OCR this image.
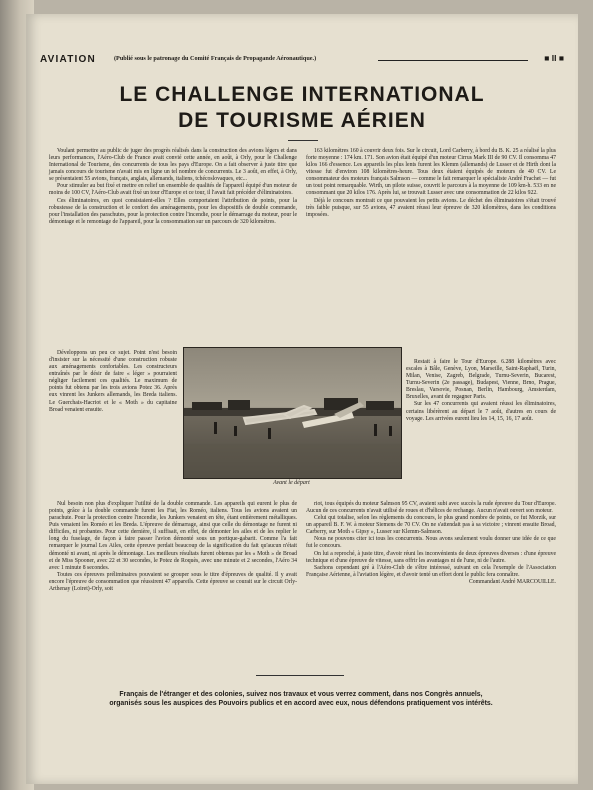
AVIATION	(Publié sous le patronage du Comité Français de Propagande Aéronautique.)	■ II ■
LE CHALLENGE INTERNATIONAL
DE TOURISME AÉRIEN

Voulant permettre au public de juger des progrès réalisés dans la construction des avions légers et dans leurs performances, l'Aéro-Club de France avait convié cette année, en août, à Orly, pour le Challenge International de Tourisme, des concurrents de tous les pays d'Europe. On a fait observer à juste titre que jamais concours de tourisme n'avait mis en ligne un tel nombre de concurrents. Le 3 août, en effet, à Orly, se présentaient 55 avions, français, anglais, allemands, italiens, tchécoslovaques, etc...

Pour stimuler au but fixé et mettre en relief un ensemble de qualités de l'appareil équipé d'un moteur de moins de 100 CV, l'Aéro-Club avait fixé un tour d'Europe et ce tour, il l'avait fait précéder d'éliminatoires.

Ces éliminatoires, en quoi consistaient-elles ? Elles comportaient l'attribution de points, pour la robustesse de la construction et le confort des aménagements, pour les dispositifs de double commande, pour l'installation des parachutes, pour la protection contre l'incendie, pour le démarrage du moteur, pour le démontage et le remontage de l'appareil, pour la consommation sur un parcours de 320 kilomètres.

Développons un peu ce sujet. Point n'est besoin d'insister sur la nécessité d'une construction robuste aux aménagements confortables. Les constructeurs entraînés par le désir de faire « léger » pourraient négliger facilement ces qualités. Le maximum de points fut obtenu par les trois avions Potez 36. Après eux vinrent les Junkers allemands, les Breda italiens. Le Guerchais-Hacriot et le « Moth » du capitaine Broad venaient ensuite.

163 kilomètres 160 à couvrir deux fois. Sur le circuit, Lord Carberry, à bord du B. K. 25 a réalisé la plus forte moyenne : 174 km. 171. Son avion était équipé d'un moteur Cirrus Mark III de 90 CV. Il consomma 47 kilos 166 d'essence. Les appareils les plus lents furent les Klemm (allemands) de Lusser et de Hirth dont la vitesse fut d'environ 108 kilomètres-heure. Tous deux étaient équipés de moteurs de 40 CV. Le consommateur des moteurs français Salmson — comme le fait remarquer le spécialiste André Frachet — fut un tout point remarquable. Wirth, un pilote suisse, couvrit le parcours à la moyenne de 109 km-h. 533 en ne consommant que 20 kilos 176. Après lui, se trouvait Lusser avec une consommation de 22 kilos 922.

Déjà le concours montrait ce que pouvaient les petits avions. Le déchet des éliminatoires s'était trouvé très faible puisque, sur 55 avions, 47 avaient réussi leur épreuve de 320 kilomètres, dans les conditions imposées.

Restait à faire le Tour d'Europe. 6.288 kilomètres avec escales à Bâle, Genève, Lyon, Marseille, Saint-Raphaël, Turin, Milan, Venise, Zagreb, Belgrade, Turnu-Severin, Bucarest, Turnu-Severin (2e passage), Budapest, Vienne, Brno, Prague, Breslau, Varsovie, Posnan, Berlin, Hambourg, Amsterdam, Bruxelles, avant de regagner Paris.

Sur les 47 concurrents qui avaient réussi les éliminatoires, certains libérèrent au départ le 7 août, d'autres en cours de voyage. Les arrivées eurent lieu les 14, 15, 16, 17 août.

Avant le départ

Nul besoin non plus d'expliquer l'utilité de la double commande. Les appareils qui eurent le plus de points, grâce à la double commande furent les Fiat, les Roméo, italiens. Tous les avions avaient un parachute. Pour la protection contre l'incendie, les Junkers venaient en tête, étant entièrement métalliques. Puis venaient les Roméo et les Breda. L'épreuve de démarrage, ainsi que celle du démontage ne furent ni difficiles, ni probantes. Pour cette dernière, il suffisait, en effet, de démonter les ailes et de les replier le long du fuselage, de façon à faire passer l'avion démonté sous un portique-gabarit. Comme l'a fait remarquer le journal Les Ailes, cette épreuve perdait beaucoup de la signification du fait qu'aucun n'était démonté ni avant, ni après le démontage. Les meilleurs résultats furent obtenus par les « Moth » de Broad et de Miss Spooner, avec 22 et 30 secondes, le Potez de Roquès, avec une minute et 2 secondes, l'Aéro 34 avec 1 minute 8 secondes.

Toutes ces épreuves préliminaires pouvaient se grouper sous le titre d'épreuves de qualité. Il y avait encore l'épreuve de consommation que réussirent 47 appareils. Cette épreuve se courait sur le circuit Orly-Arthenay (Loiret)-Orly, soit

riot, tous équipés du moteur Salmson 95 CV, avaient subi avec succès la rude épreuve du Tour d'Europe. Aucun de ces concurrents n'avait utilisé de roues et d'hélices de rechange. Aucun n'avait ouvert son moteur.

Celui qui totalise, selon les règlements du concours, le plus grand nombre de points, ce fut Morzik, sur un appareil B. F. W. à moteur Siemens de 70 CV. On ne s'attendait pas à sa victoire ; vinrent ensuite Broad, Carberry, sur Moth « Gipsy », Lusser sur Klemm-Salmson.

Nous ne pouvons citer ici tous les concurrents. Nous avons seulement voulu donner une idée de ce que fut le concours.

On lui a reproché, à juste titre, d'avoir réuni les inconvénients de deux épreuves diverses : d'une épreuve technique et d'une épreuve de vitesse, sans offrir les avantages ni de l'une, ni de l'autre.

Sachons cependant gré à l'Aéro-Club de s'être intéressé, suivant en cela l'exemple de l'Association Française Aérienne, à l'aviation légère, et d'avoir tenté un effort dont le public fera connaître.

Commandant André MARCOUILLE.

Français de l'étranger et des colonies, suivez nos travaux et vous verrez comment, dans nos Congrès annuels,
organisés sous les auspices des Pouvoirs publics et en accord avec eux, nous défendons pratiquement vos intérêts.
